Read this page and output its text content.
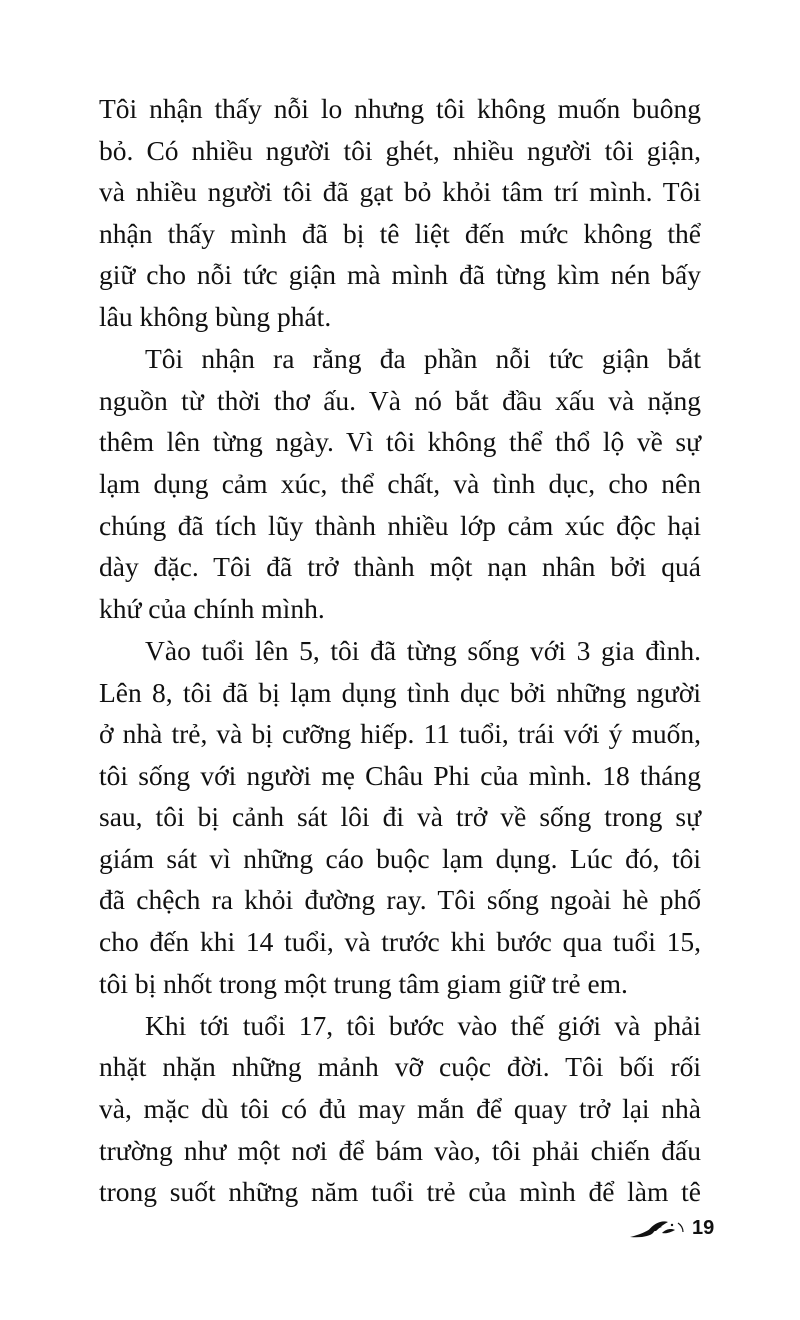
Tôi nhận thấy nỗi lo nhưng tôi không muốn buông
bỏ. Có nhiều người tôi ghét, nhiều người tôi giận,
và nhiều người tôi đã gạt bỏ khỏi tâm trí mình. Tôi
nhận thấy mình đã bị tê liệt đến mức không thể
giữ cho nỗi tức giận mà mình đã từng kìm nén bấy
lâu không bùng phát.
Tôi nhận ra rằng đa phần nỗi tức giận bắt
nguồn từ thời thơ ấu. Và nó bắt đầu xấu và nặng
thêm lên từng ngày. Vì tôi không thể thổ lộ về sự
lạm dụng cảm xúc, thể chất, và tình dục, cho nên
chúng đã tích lũy thành nhiều lớp cảm xúc độc hại
dày đặc. Tôi đã trở thành một nạn nhân bởi quá
khứ của chính mình.
Vào tuổi lên 5, tôi đã từng sống với 3 gia đình.
Lên 8, tôi đã bị lạm dụng tình dục bởi những người
ở nhà trẻ, và bị cưỡng hiếp. 11 tuổi, trái với ý muốn,
tôi sống với người mẹ Châu Phi của mình. 18 tháng
sau, tôi bị cảnh sát lôi đi và trở về sống trong sự
giám sát vì những cáo buộc lạm dụng. Lúc đó, tôi
đã chệch ra khỏi đường ray. Tôi sống ngoài hè phố
cho đến khi 14 tuổi, và trước khi bước qua tuổi 15,
tôi bị nhốt trong một trung tâm giam giữ trẻ em.
Khi tới tuổi 17, tôi bước vào thế giới và phải
nhặt nhặn những mảnh vỡ cuộc đời. Tôi bối rối
và, mặc dù tôi có đủ may mắn để quay trở lại nhà
trường như một nơi để bám vào, tôi phải chiến đấu
trong suốt những năm tuổi trẻ của mình để làm tê
19
